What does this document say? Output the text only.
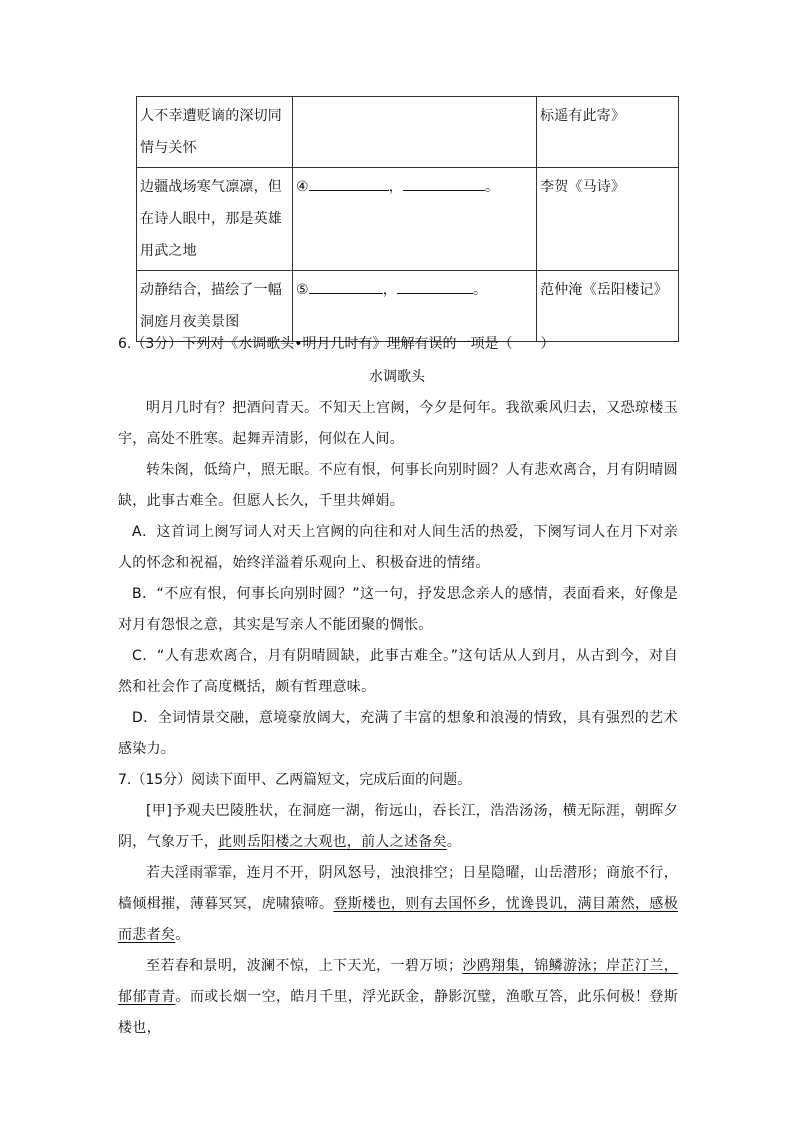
人不幸遭贬谪的深切同情与关怀		标遥有此寄》
边疆战场寒气凛凛，但在诗人眼中，那是英雄用武之地	④ ， 。	李贺《马诗》
动静结合，描绘了一幅洞庭月夜美景图	⑤ ， 。	范仲淹《岳阳楼记》
6.（3分）下列对《水调歌头•明月几时有》理解有误的一项是（　　）
水调歌头
明月几时有？把酒问青天。不知天上宫阙，今夕是何年。我欲乘风归去，又恐琼楼玉宇，高处不胜寒。起舞弄清影，何似在人间。
转朱阁，低绮户，照无眠。不应有恨，何事长向别时圆？人有悲欢离合，月有阴晴圆缺，此事古难全。但愿人长久，千里共婵娟。
A．这首词上阕写词人对天上宫阙的向往和对人间生活的热爱，下阕写词人在月下对亲人的怀念和祝福，始终洋溢着乐观向上、积极奋进的情绪。
B．“不应有恨，何事长向别时圆？”这一句，抒发思念亲人的感情，表面看来，好像是对月有怨恨之意，其实是写亲人不能团聚的惆怅。
C．“人有悲欢离合，月有阴晴圆缺，此事古难全。”这句话从人到月，从古到今，对自然和社会作了高度概括，颇有哲理意味。
D．全词情景交融，意境豪放阔大，充满了丰富的想象和浪漫的情致，具有强烈的艺术感染力。
7.（15分）阅读下面甲、乙两篇短文，完成后面的问题。
[甲]予观夫巴陵胜状，在洞庭一湖，衔远山，吞长江，浩浩汤汤，横无际涯，朝晖夕阴，气象万千，此则岳阳楼之大观也，前人之述备矣。
若夫淫雨霏霏，连月不开，阴风怒号，浊浪排空；日星隐曜，山岳潜形；商旅不行，樯倾楫摧，薄暮冥冥，虎啸猿啼。登斯楼也，则有去国怀乡，忧谗畏讥，满目萧然，感极而悲者矣。
至若春和景明，波澜不惊，上下天光，一碧万顷；沙鸥翔集，锦鳞游泳；岸芷汀兰，郁郁青青。而或长烟一空，皓月千里，浮光跃金，静影沉璧，渔歌互答，此乐何极！登斯楼也，
